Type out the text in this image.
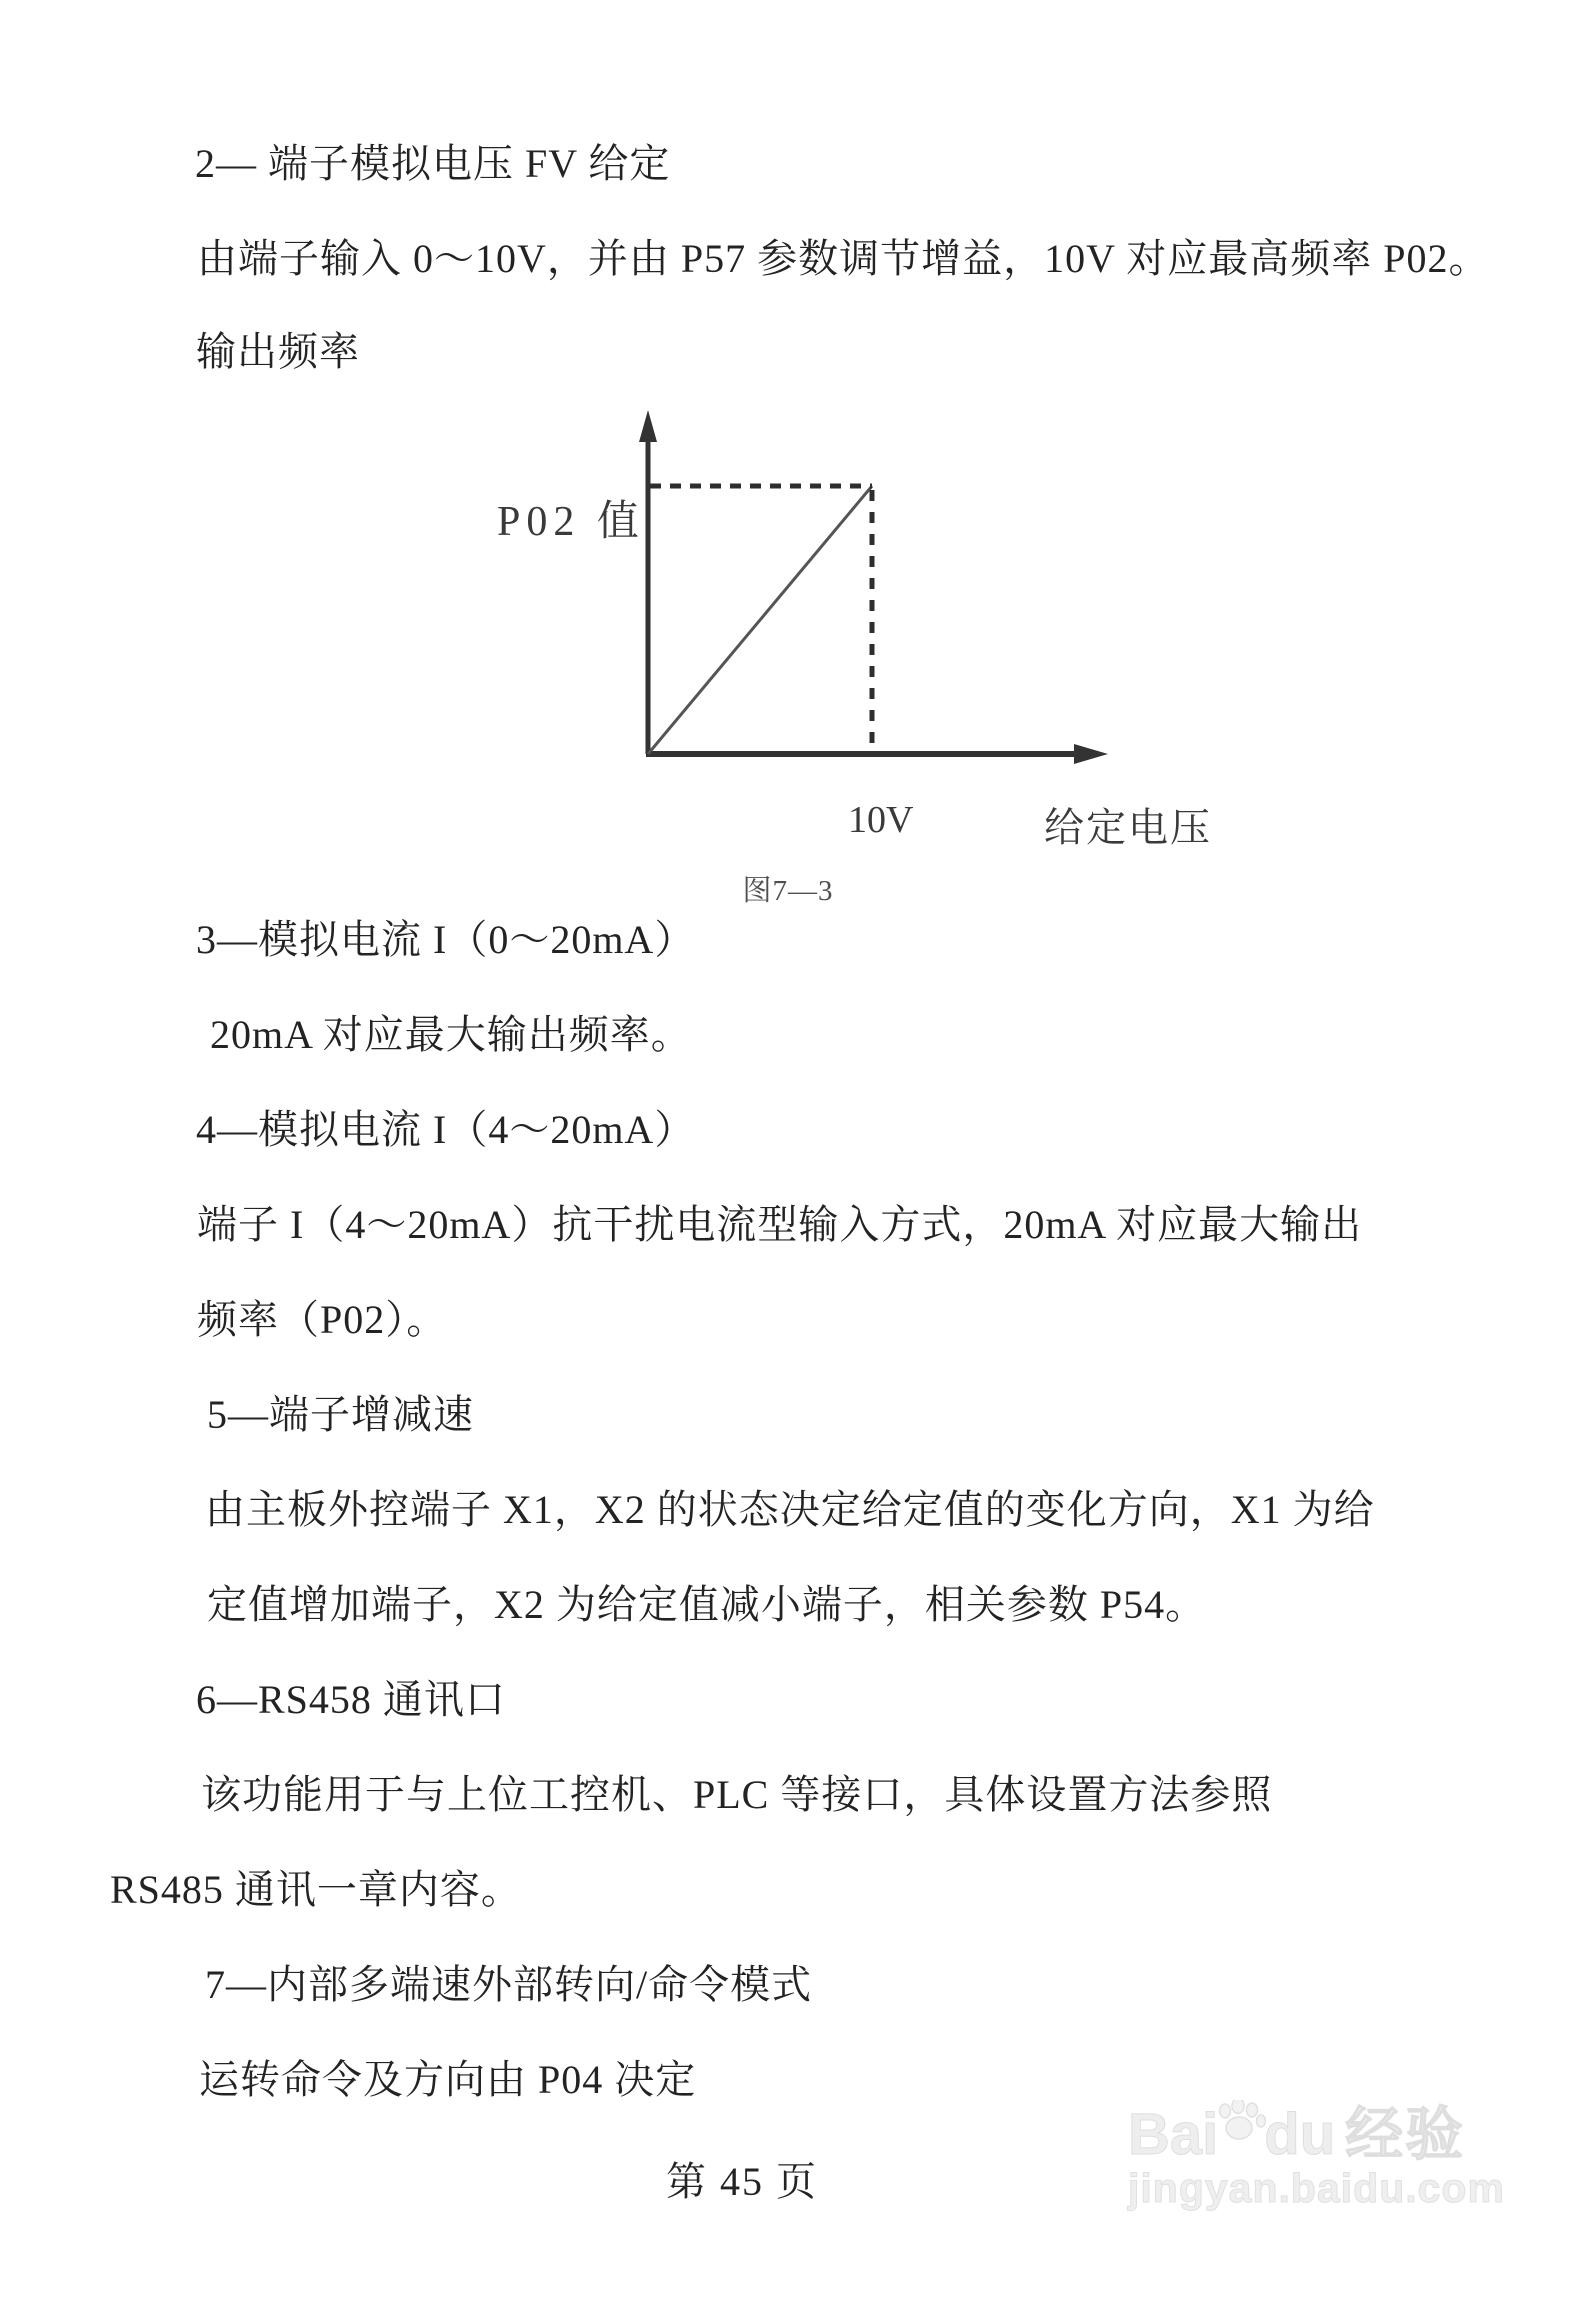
2— 端子模拟电压 FV 给定

由端子输入 0～10V，并由 P57 参数调节增益，10V 对应最高频率 P02。

输出频率

3—模拟电流 I（0～20mA）

20mA 对应最大输出频率。

4—模拟电流 I（4～20mA）

端子 I（4～20mA）抗干扰电流型输入方式，20mA 对应最大输出

频率（P02）。

5—端子增减速

由主板外控端子 X1，X2 的状态决定给定值的变化方向，X1 为给

定值增加端子，X2 为给定值减小端子，相关参数 P54。

6—RS458 通讯口

该功能用于与上位工控机、PLC 等接口，具体设置方法参照

RS485 通讯一章内容。

7—内部多端速外部转向/命令模式

运转命令及方向由 P04 决定

P02 值

10V	给定电压

图7—3

第 45 页

Bai du 经验
jingyan.baidu.com
